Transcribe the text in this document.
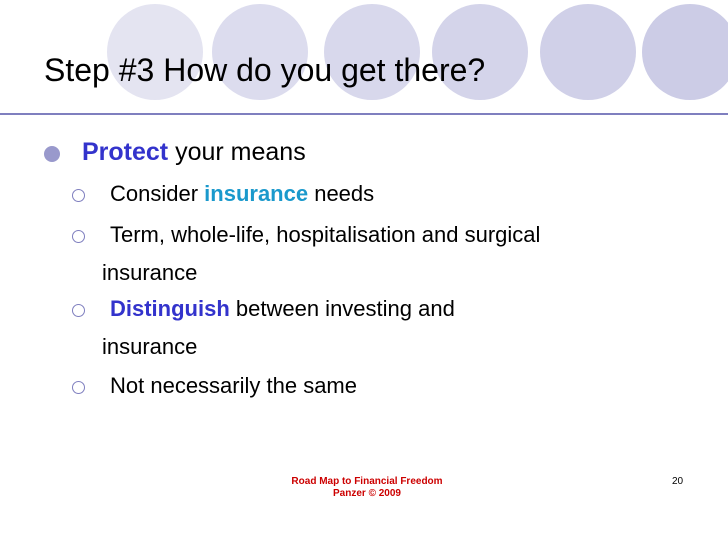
Step #3 How do you get there?
Protect your means
Consider insurance needs
Term, whole-life, hospitalisation and surgical
insurance
Distinguish between investing and
insurance
Not necessarily the same
Road Map to Financial Freedom
Panzer © 2009
20
